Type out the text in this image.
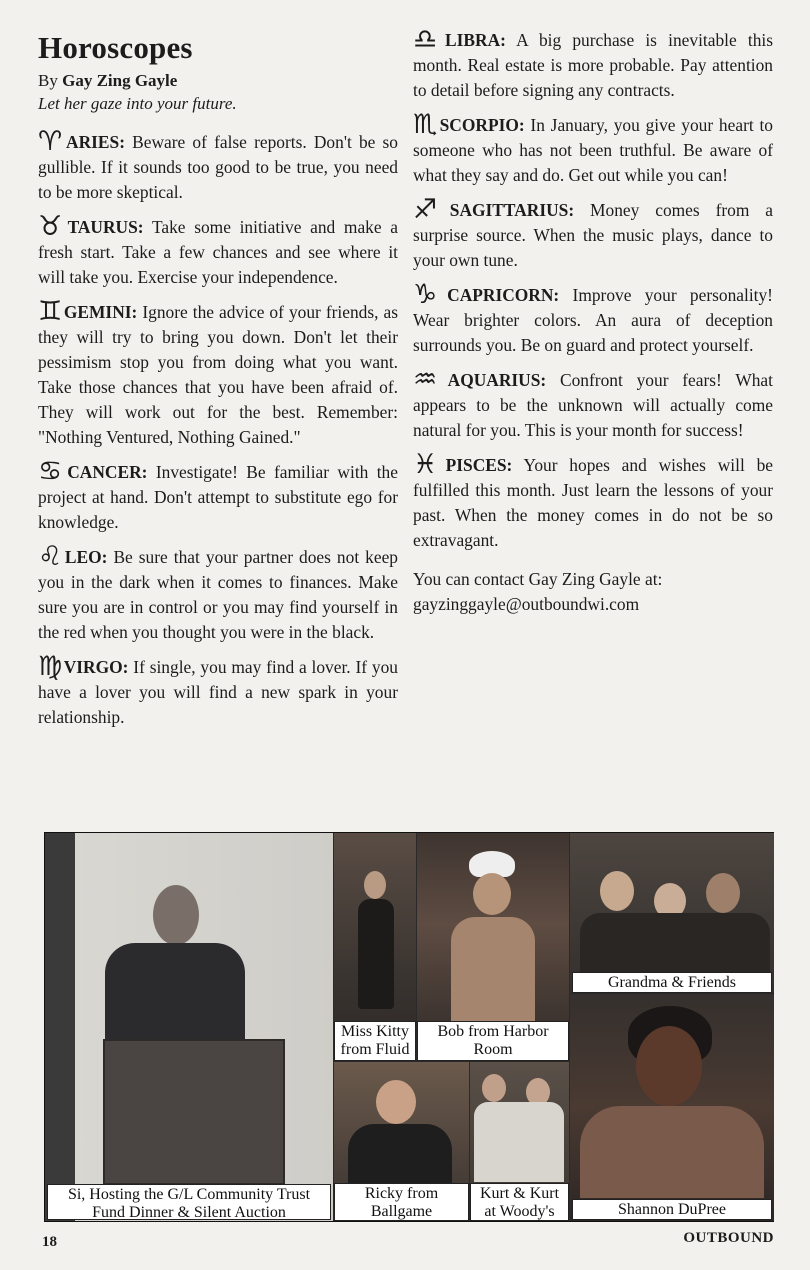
Horoscopes
By Gay Zing Gayle
Let her gaze into your future.

♈ARIES: Beware of false reports. Don't be so gullible. If it sounds too good to be true, you need to be more skeptical.

♉TAURUS: Take some initiative and make a fresh start. Take a few chances and see where it will take you. Exercise your independence.

♊GEMINI: Ignore the advice of your friends, as they will try to bring you down. Don't let their pessimism stop you from doing what you want. Take those chances that you have been afraid of. They will work out for the best. Remember: "Nothing Ventured, Nothing Gained."

♋CANCER: Investigate! Be familiar with the project at hand. Don't attempt to substitute ego for knowledge.

♌LEO: Be sure that your partner does not keep you in the dark when it comes to finances. Make sure you are in control or you may find yourself in the red when you thought you were in the black.

♍VIRGO: If single, you may find a lover. If you have a lover you will find a new spark in your relationship.

♎LIBRA: A big purchase is inevitable this month. Real estate is more probable. Pay attention to detail before signing any contracts.

♏SCORPIO: In January, you give your heart to someone who has not been truthful. Be aware of what they say and do. Get out while you can!

♐SAGITTARIUS: Money comes from a surprise source. When the music plays, dance to your own tune.

♑CAPRICORN: Improve your personality! Wear brighter colors. An aura of deception surrounds you. Be on guard and protect yourself.

♒AQUARIUS: Confront your fears! What appears to be the unknown will actually come natural for you. This is your month for success!

♓PISCES: Your hopes and wishes will be fulfilled this month. Just learn the lessons of your past. When the money comes in do not be so extravagant.

You can contact Gay Zing Gayle at:
gayzinggayle@outboundwi.com
Si, Hosting the G/L Community Trust Fund Dinner & Silent Auction
Miss Kitty from Fluid
Bob from Harbor Room
Grandma & Friends
Ricky from Ballgame
Kurt & Kurt at Woody's	Shannon DuPree
18	OUTBOUND
